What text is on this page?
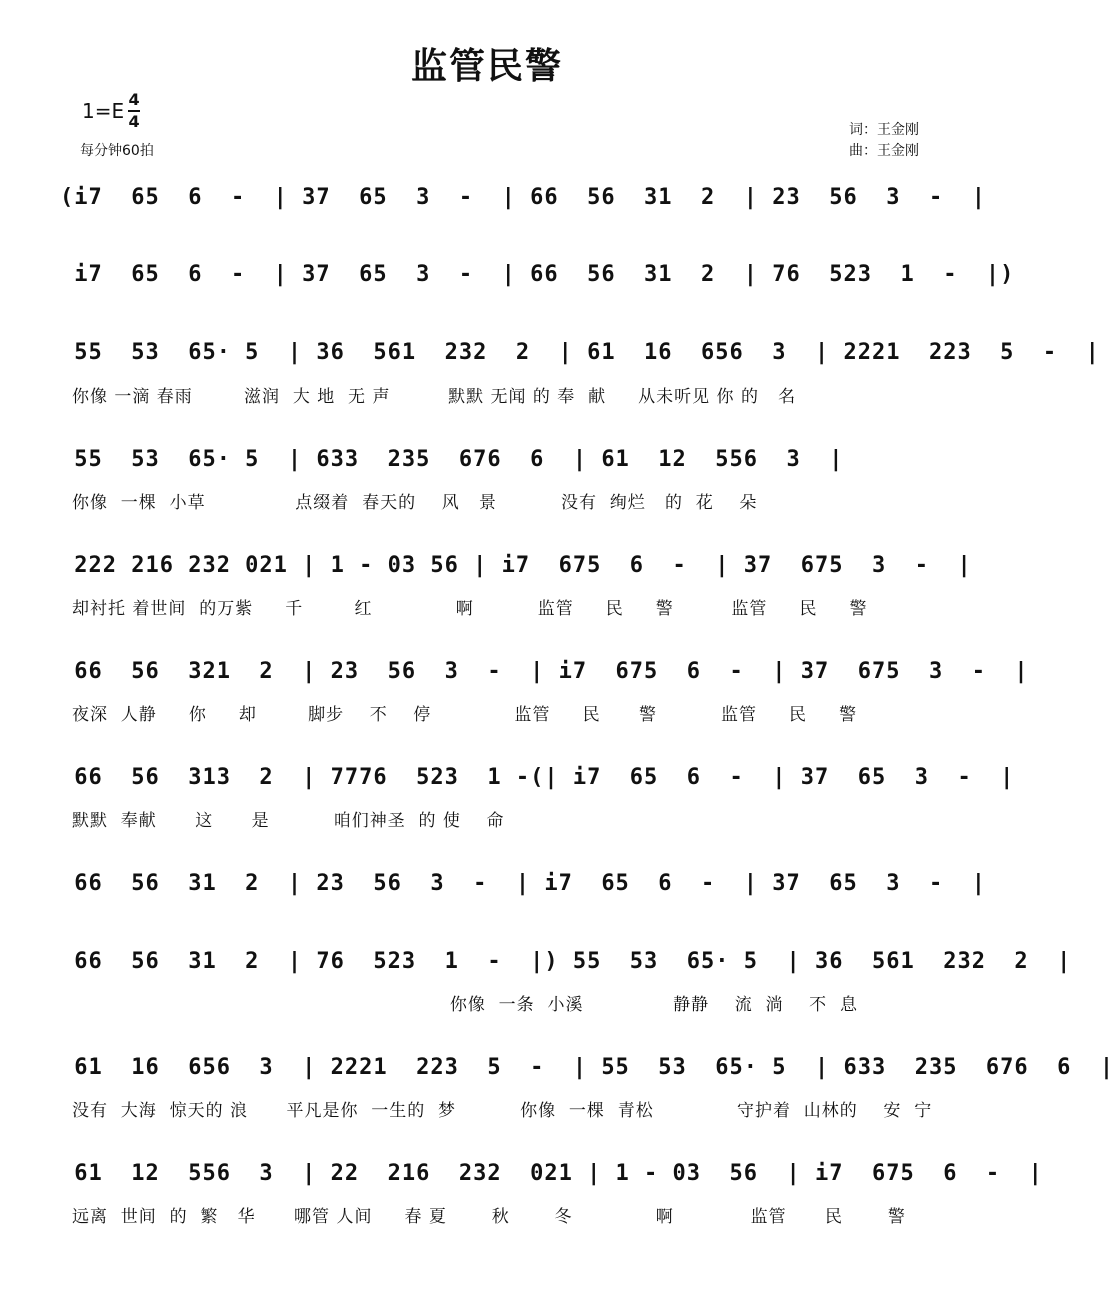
监管民警
1=E 4
4
每分钟60拍
词：王金刚
曲：王金刚
(i7  65  6  -  | 37  65  3  -  | 66  56  31  2  | 23  56  3  -  |
i7  65  6  -  | 37  65  3  -  | 66  56  31  2  | 76  523  1  -  |)
55  53  65· 5  | 36  561  232  2  | 61  16  656  3  | 2221  223  5  -  |
你像 一滴 春雨        滋润  大 地  无 声         默默 无闻 的 奉  献     从未听见 你 的   名
55  53  65· 5  | 633  235  676  6  | 61  12  556  3  |
你像  一棵  小草              点缀着  春天的    风   景          没有  绚烂   的  花    朵
222 216 232 021 | 1 - 03 56 | i7  675  6  -  | 37  675  3  -  |
却衬托 着世间  的万紫     千        红             啊          监管     民     警         监管     民     警
66  56  321  2  | 23  56  3  -  | i7  675  6  -  | 37  675  3  -  |
夜深  人静     你     却        脚步    不    停             监管     民      警          监管     民     警
66  56  313  2  | 7776  523  1 -(| i7  65  6  -  | 37  65  3  -  |
默默  奉献      这      是          咱们神圣  的 使    命
66  56  31  2  | 23  56  3  -  | i7  65  6  -  | 37  65  3  -  |
66  56  31  2  | 76  523  1  -  |) 55  53  65· 5  | 36  561  232  2  |
你像  一条  小溪              静静    流  淌    不  息
61  16  656  3  | 2221  223  5  -  | 55  53  65· 5  | 633  235  676  6  |
没有  大海  惊天的 浪      平凡是你  一生的  梦          你像  一棵  青松             守护着  山林的    安  宁
61  12  556  3  | 22  216  232  021 | 1 - 03  56  | i7  675  6  -  |
远离  世间  的  繁   华      哪管 人间     春 夏       秋       冬             啊            监管      民       警
